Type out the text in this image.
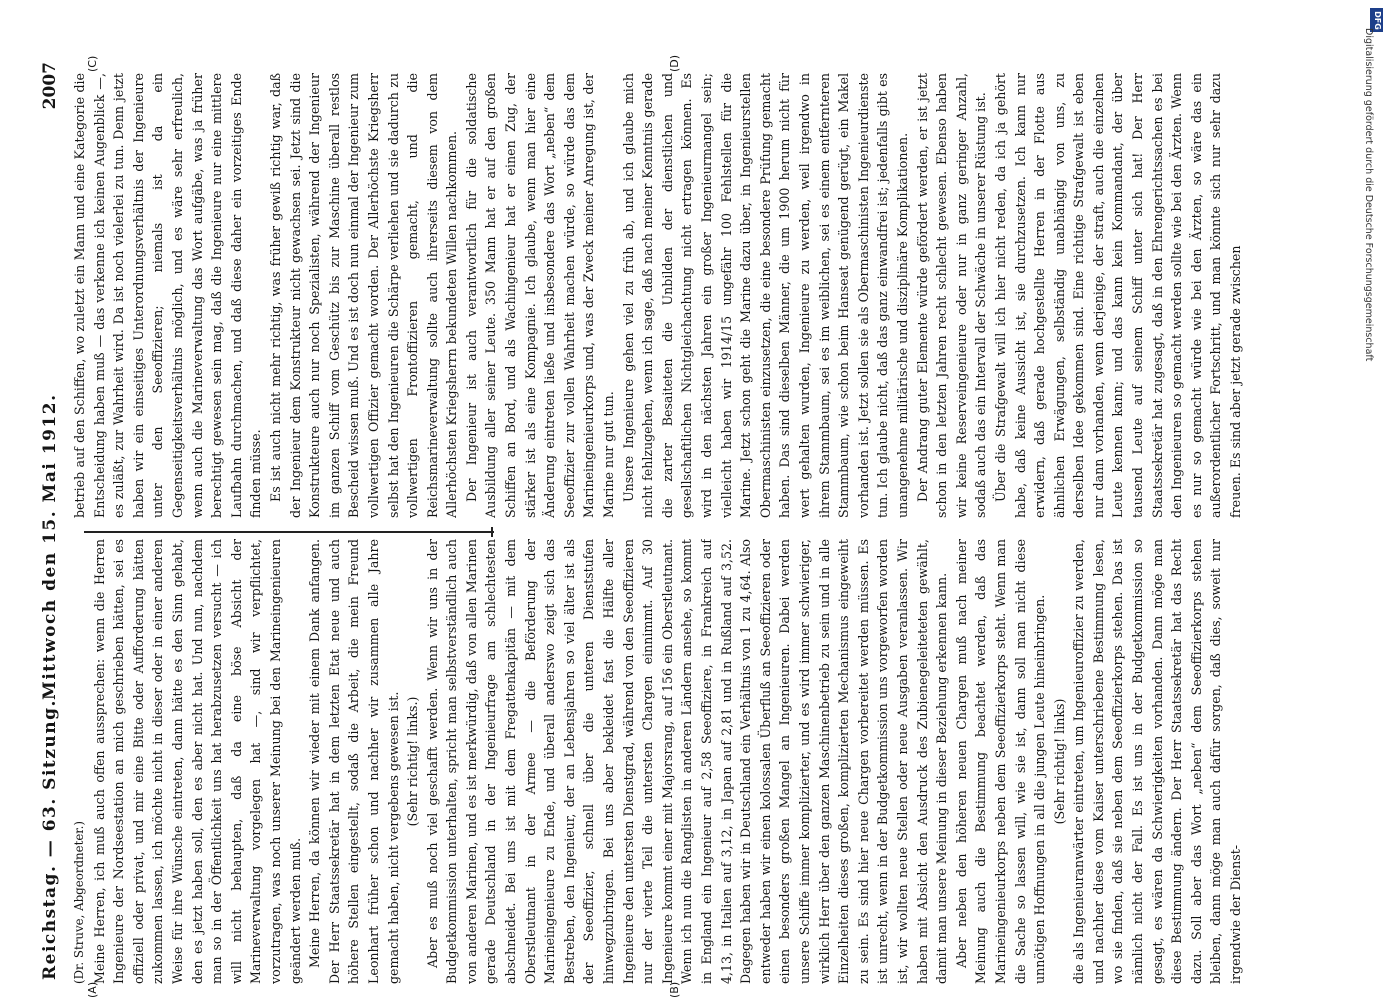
Reichstag. — 63. Sitzung.
Mittwoch den 15. Mai 1912.
2007
(A)	(B)
(C)	(D)

(Dr. Struve, Abgeordneter.) Meine Herren, ich muß auch offen aussprechen: wenn die Herren Ingenieure der Nordseestation an mich geschrieben hätten, sei es offiziell oder privat, und mir eine Bitte oder Aufforderung hätten zukommen lassen, ich möchte nicht in dieser oder in einer anderen Weise für ihre Wünsche eintreten, dann hätte es den Sinn gehabt, den es jetzt haben soll, den es aber nicht hat. Und nun, nachdem man so in der Öffentlichkeit uns hat herabzusetzen versucht — ich will nicht behaupten, daß da eine böse Absicht der Marineverwaltung vorgelegen hat —, sind wir verpflichtet, vorzutragen, was noch unserer Meinung bei den Marineingenieuren geändert werden muß. Meine Herren, da können wir wieder mit einem Dank anfangen. Der Herr Staatssekretär hat in dem letzten Etat neue und auch höhere Stellen eingestellt, sodaß die Arbeit, die mein Freund Leonhart früher schon und nachher wir zusammen alle Jahre gemacht haben, nicht vergebens gewesen ist. (Sehr richtig! links.) Aber es muß noch viel geschafft werden. Wenn wir uns in der Budgetkommission unterhalten, spricht man selbstverständlich auch von anderen Marinen, und es ist merkwürdig, daß von allen Marinen gerade Deutschland in der Ingenieurfrage am schlechtesten abschneidet. Bei uns ist mit dem Fregattenkapitän — mit dem Oberstleutnant in der Armee — die Beförderung der Marineingenieure zu Ende, und überall anderswo zeigt sich das Bestreben, den Ingenieur, der an Lebensjahren so viel älter ist als der Seeoffizier, schnell über die unteren Dienststufen hinwegzubringen. Bei uns aber bekleidet fast die Hälfte aller Ingenieure den untersten Dienstgrad, während von den Seeoffizieren nur der vierte Teil die untersten Chargen einnimmt. Auf 30 Ingenieure kommt einer mit Majorsrang, auf 156 ein Oberstleutnant. Wenn ich nun die Ranglisten in anderen Ländern ansehe, so kommt in England ein Ingenieur auf 2,58 Seeoffiziere, in Frankreich auf 4,13, in Italien auf 3,12, in Japan auf 2,81 und in Rußland auf 3,52. Dagegen haben wir in Deutschland ein Verhältnis von 1 zu 4,64. Also entweder haben wir einen kolossalen Überfluß an Seeoffizieren oder einen besonders großen Mangel an Ingenieuren. Dabei werden unsere Schiffe immer komplizierter, und es wird immer schwieriger, wirklich Herr über den ganzen Maschinenbetrieb zu sein und in alle Einzelheiten dieses großen, komplizierten Mechanismus eingeweiht zu sein. Es sind hier neue Chargen vorbereitet werden müssen. Es ist unrecht, wenn in der Budgetkommission uns vorgeworfen worden ist, wir wollten neue Stellen oder neue Ausgaben veranlassen. Wir haben mit Absicht den Ausdruck des Zubienegeleiteteten gewählt, damit man unsere Meinung in dieser Beziehung erkennen kann. Aber neben den höheren neuen Chargen muß nach meiner Meinung auch die Bestimmung beachtet werden, daß das Marineingenieurkorps neben dem Seeoffizierkorps steht. Wenn man die Sache so lassen will, wie sie ist, dann soll man nicht diese unnötigen Hoffnungen in all die jungen Leute hineinbringen. (Sehr richtig! links) die als Ingenieuranwärter eintreten, um Ingenieuroffizier zu werden, und nachher diese vom Kaiser unterschriebene Bestimmung lesen, wo sie finden, daß sie neben dem Seeoffizierkorps stehen. Das ist nämlich nicht der Fall. Es ist uns in der Budgetkommission so gesagt, es wären da Schwierigkeiten vorhanden. Dann möge man diese Bestimmung ändern. Der Herr Staatssekretär hat das Recht dazu. Soll aber das Wort „neben“ dem Seeoffizierkorps stehen bleiben, dann möge man auch dafür sorgen, daß dies, soweit nur irgendwie der Dienst-

betrieb auf den Schiffen, wo zuletzt ein Mann und eine Kategorie die Entscheidung haben muß — das verkenne ich keinen Augenblick —, es zuläßt, zur Wahrheit wird. Da ist noch vielerlei zu tun. Denn jetzt haben wir ein einseitiges Unterordnungsverhältnis der Ingenieure unter den Seeoffizieren; niemals ist da ein Gegenseitigkeitsverhältnis möglich, und es wäre sehr erfreulich, wenn auch die Marineverwaltung das Wort aufgäbe, was ja früher berechtigt gewesen sein mag, daß die Ingenieure nur eine mittlere Laufbahn durchmachen, und daß diese daher ein vorzeitiges Ende finden müsse. Es ist auch nicht mehr richtig, was früher gewiß richtig war, daß der Ingenieur dem Konstrukteur nicht gewachsen sei. Jetzt sind die Konstrukteure auch nur noch Spezialisten, während der Ingenieur im ganzen Schiff vom Geschütz bis zur Maschine überall restlos Bescheid wissen muß. Und es ist doch nun einmal der Ingenieur zum vollwertigen Offizier gemacht worden. Der Allerhöchste Kriegsherr selbst hat den Ingenieuren die Schärpe verliehen und sie dadurch zu vollwertigen Frontoffizieren gemacht, und die Reichsmarineverwaltung sollte auch ihrerseits diesem von dem Allerhöchsten Kriegsherrn bekundeten Willen nachkommen. Der Ingenieur ist auch verantwortlich für die soldatische Ausbildung aller seiner Leute. 350 Mann hat er auf den großen Schiffen an Bord, und als Wachingenieur hat er einen Zug, der stärker ist als eine Kompagnie. Ich glaube, wenn man hier eine Änderung eintreten ließe und insbesondere das Wort „neben“ dem Seeoffizier zur vollen Wahrheit machen würde, so würde das dem Marineingenieurkorps und, was der Zweck meiner Anregung ist, der Marine nur gut tun. Unsere Ingenieure gehen viel zu früh ab, und ich glaube mich nicht fehlzugehen, wenn ich sage, daß nach meiner Kenntnis gerade die zarter Besaiteten die Unbilden der dienstlichen und gesellschaftlichen Nichtgleichachtung nicht ertragen können. Es wird in den nächsten Jahren ein großer Ingenieurmangel sein; vielleicht haben wir 1914/15 ungefähr 100 Fehlstellen für die Marine. Jetzt schon geht die Marine dazu über, in Ingenieurstellen Obermaschinisten einzusetzen, die eine besondere Prüfung gemacht haben. Das sind dieselben Männer, die um 1900 herum nicht für wert gehalten wurden, Ingenieure zu werden, weil irgendwo in ihrem Stammbaum, sei es im weiblichen, sei es einem entfernteren Stammbaum, wie schon beim Hanseat genügend gerügt, ein Makel vorhanden ist. Jetzt sollen sie als Obermaschinisten Ingenieurdienste tun. Ich glaube nicht, daß das ganz einwandfrei ist; jedenfalls gibt es unangenehme militärische und disziplinäre Komplikationen. Der Andrang guter Elemente würde gefördert werden, er ist jetzt schon in den letzten Jahren recht schlecht gewesen. Ebenso haben wir keine Reserveingenieure oder nur in ganz geringer Anzahl, sodaß auch das ein Intervall der Schwäche in unserer Rüstung ist. Über die Strafgewalt will ich hier nicht reden, da ich ja gehört habe, daß keine Aussicht ist, sie durchzusetzen. Ich kann nur erwidern, daß gerade hochgestellte Herren in der Flotte aus ähnlichen Erwägungen, selbständig unabhängig von uns, zu derselben Idee gekommen sind. Eine richtige Strafgewalt ist eben nur dann vorhanden, wenn derjenige, der straft, auch die einzelnen Leute kennen kann; und das kann kein Kommandant, der über tausend Leute auf seinem Schiff unter sich hat! Der Herr Staatssekretär hat zugesagt, daß in den Ehrengerichtssachen es bei den Ingenieuren so gemacht werden sollte wie bei den Ärzten. Wenn es nur so gemacht würde wie bei den Ärzten, so wäre das ein außerordentlicher Fortschritt, und man könnte sich nur sehr dazu freuen. Es sind aber jetzt gerade zwischen

DFG
Digitalisierung gefördert durch die Deutsche Forschungsgemeinschaft
